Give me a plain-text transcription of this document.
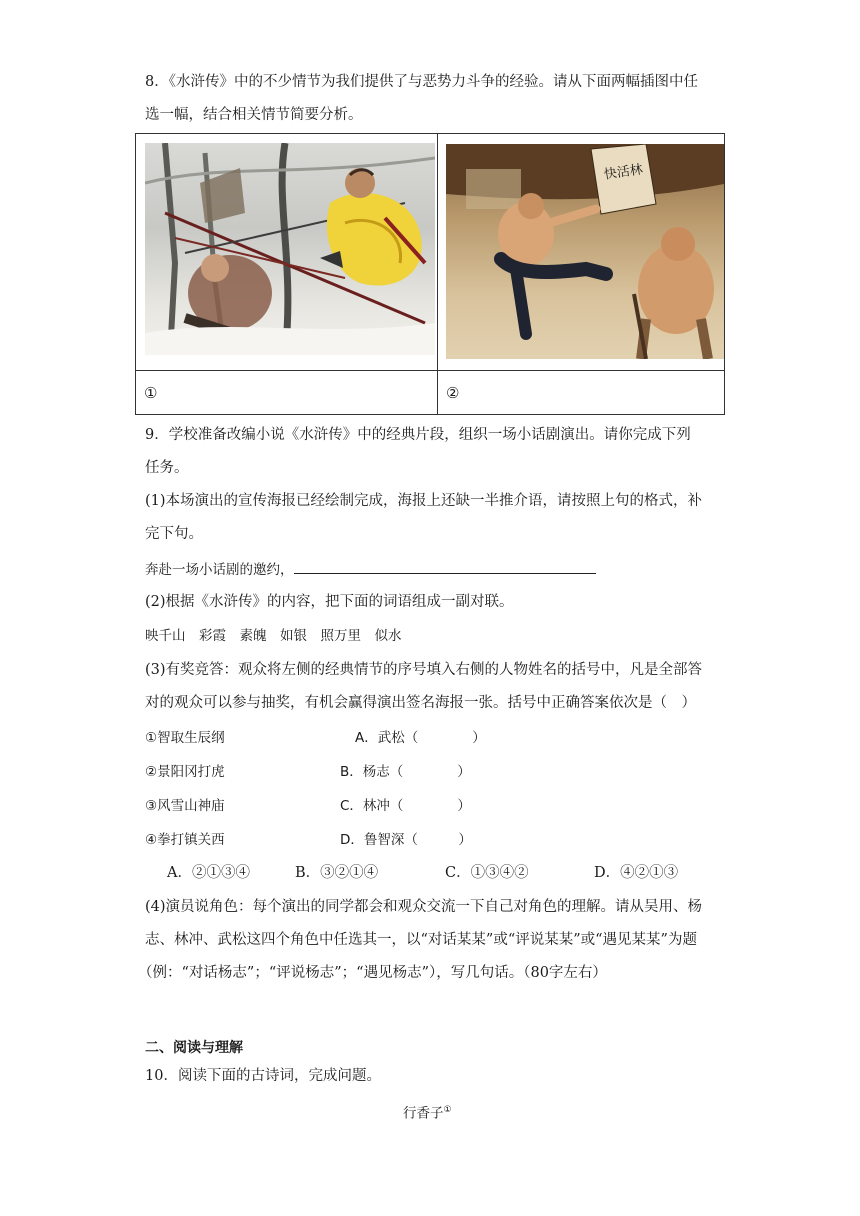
8．《水浒传》中的不少情节为我们提供了与恶势力斗争的经验。请从下面两幅插图中任
选一幅，结合相关情节简要分析。

快活林

①	②
9．学校准备改编小说《水浒传》中的经典片段，组织一场小话剧演出。请你完成下列
任务。
(1)本场演出的宣传海报已经绘制完成，海报上还缺一半推介语，请按照上句的格式，补
完下句。
奔赴一场小话剧的邀约，
(2)根据《水浒传》的内容，把下面的词语组成一副对联。
映千山　彩霞　素魄　如银　照万里　似水
(3)有奖竞答：观众将左侧的经典情节的序号填入右侧的人物姓名的括号中，凡是全部答
对的观众可以参与抽奖，有机会赢得演出签名海报一张。括号中正确答案依次是（　）
①智取生辰纲	A．武松（　　　　）
②景阳冈打虎	B．杨志（　　　　）
③风雪山神庙	C．林冲（　　　　）
④拳打镇关西	D．鲁智深（　　　）
A．②①③④	B．③②①④	C．①③④②	D．④②①③
(4)演员说角色：每个演出的同学都会和观众交流一下自己对角色的理解。请从吴用、杨
志、林冲、武松这四个角色中任选其一，以“对话某某”或“评说某某”或“遇见某某”为题
（例：“对话杨志”；“评说杨志”；“遇见杨志”），写几句话。（80字左右）
二、阅读与理解
10．阅读下面的古诗词，完成问题。
行香子①
